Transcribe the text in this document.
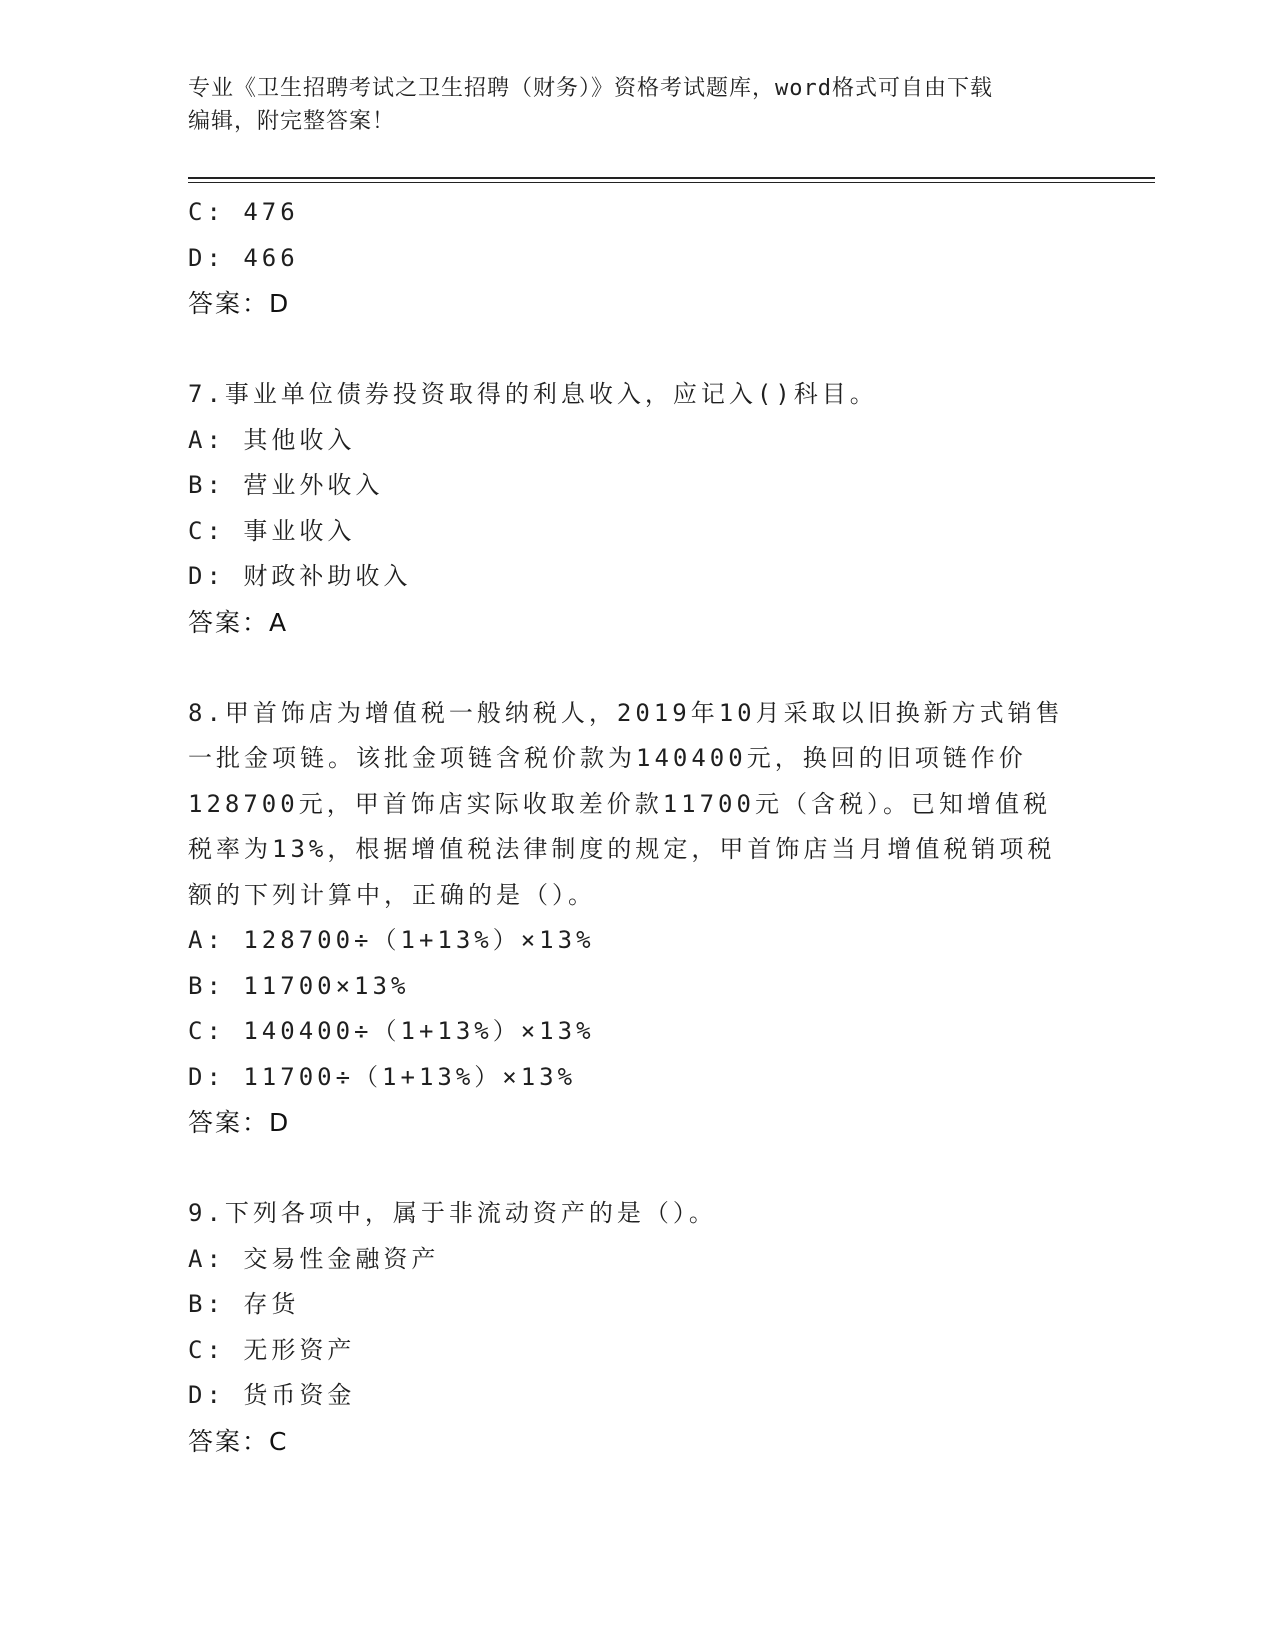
专业《卫生招聘考试之卫生招聘（财务）》资格考试题库，word格式可自由下载
编辑，附完整答案！
C: 476
D: 466
答案：D
7.事业单位债券投资取得的利息收入，应记入()科目。
A: 其他收入
B: 营业外收入
C: 事业收入
D: 财政补助收入
答案：A
8.甲首饰店为增值税一般纳税人，2019年10月采取以旧换新方式销售
一批金项链。该批金项链含税价款为140400元，换回的旧项链作价
128700元，甲首饰店实际收取差价款11700元（含税）。已知增值税
税率为13%，根据增值税法律制度的规定，甲首饰店当月增值税销项税
额的下列计算中，正确的是（）。
A: 128700÷（1+13%）×13%
B: 11700×13%
C: 140400÷（1+13%）×13%
D: 11700÷（1+13%）×13%
答案：D
9.下列各项中，属于非流动资产的是（）。
A: 交易性金融资产
B: 存货
C: 无形资产
D: 货币资金
答案：C
